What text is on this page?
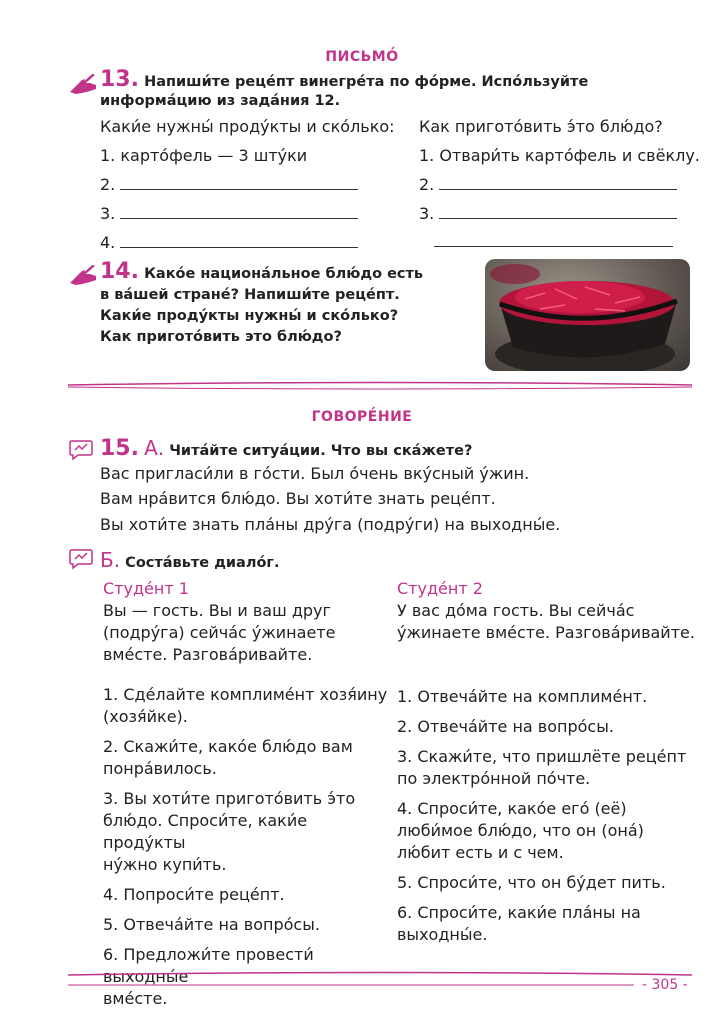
ПИСЬМО́
13. Напиши́те реце́пт винегре́та по фо́рме. Испо́льзуйте информа́цию из зада́ния 12.
Каки́е нужны́ проду́кты и ско́лько: Как пригото́вить э́то блю́до?
1. карто́фель — 3 шту́ки
2.
3.
4.
1. Отвари́ть карто́фель и свёклу.
2.
3.
14. Како́е национа́льное блю́до есть
в ва́шей стране́? Напиши́те реце́пт.
Каки́е проду́кты нужны́ и ско́лько?
Как пригото́вить это блю́до?
ГОВОРЕ́НИЕ
15. А. Чита́йте ситуа́ции. Что вы ска́жете?
Вас пригласи́ли в го́сти. Был о́чень вку́сный у́жин.
Вам нра́вится блю́до. Вы хоти́те знать реце́пт.
Вы хоти́те знать пла́ны дру́га (подру́ги) на выходны́е.
Б. Соста́вьте диало́г.
Студе́нт 1
Вы — гость. Вы и ваш друг
(подру́га) сейча́с у́жинаете
вме́сте. Разгова́ривайте.

1. Сде́лайте комплиме́нт хозя́ину
(хозя́йке).

2. Скажи́те, како́е блю́до вам
понра́вилось.

3. Вы хоти́те пригото́вить э́то
блю́до. Спроси́те, каки́е проду́кты
ну́жно купи́ть.

4. Попроси́те реце́пт.

5. Отвеча́йте на вопро́сы.

6. Предложи́те провести́ выходны́е
вме́сте.

Студе́нт 2
У вас до́ма гость. Вы сейча́с
у́жинаете вме́сте. Разгова́ривайте.

1. Отвеча́йте на комплиме́нт.

2. Отвеча́йте на вопро́сы.

3. Скажи́те, что пришлёте реце́пт
по электро́нной по́чте.

4. Спроси́те, како́е его́ (её)
люби́мое блю́до, что он (она́)
лю́бит есть и с чем.

5. Спроси́те, что он бу́дет пить.

6. Спроси́те, каки́е пла́ны на
выходны́е.

- 305 -
